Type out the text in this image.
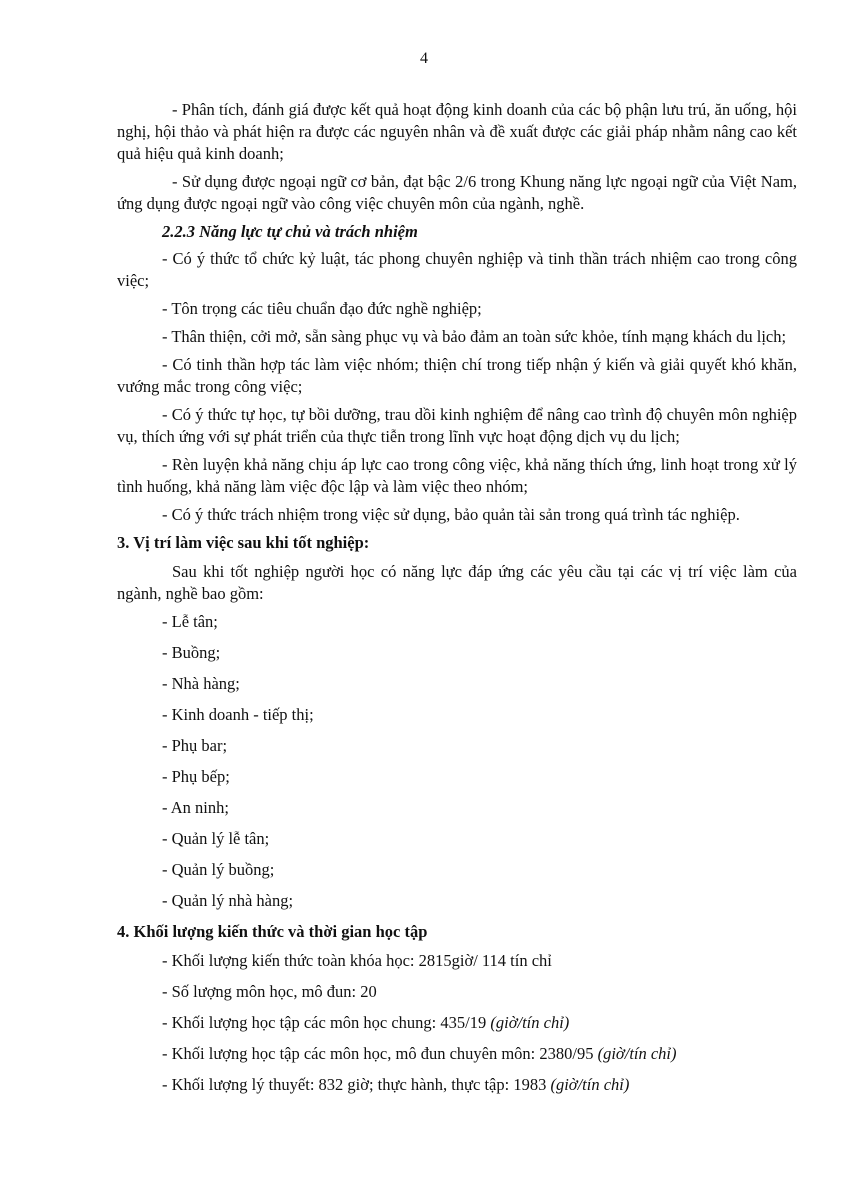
4

- Phân tích, đánh giá được kết quả hoạt động kinh doanh của các bộ phận lưu trú, ăn uống, hội nghị, hội thảo và phát hiện ra được các nguyên nhân và đề xuất được các giải pháp nhằm nâng cao kết quả hiệu quả kinh doanh;

- Sử dụng được ngoại ngữ cơ bản, đạt bậc 2/6 trong Khung năng lực ngoại ngữ của Việt Nam, ứng dụng được ngoại ngữ vào công việc chuyên môn của ngành, nghề.

2.2.3 Năng lực tự chủ và trách nhiệm

- Có ý thức tổ chức kỷ luật, tác phong chuyên nghiệp và tinh thần trách nhiệm cao trong công việc;

- Tôn trọng các tiêu chuẩn đạo đức nghề nghiệp;

- Thân thiện, cởi mở, sẵn sàng phục vụ và bảo đảm an toàn sức khỏe, tính mạng khách du lịch;

- Có tinh thần hợp tác làm việc nhóm; thiện chí trong tiếp nhận ý kiến và giải quyết khó khăn, vướng mắc trong công việc;

- Có ý thức tự học, tự bồi dưỡng, trau dồi kinh nghiệm để nâng cao trình độ chuyên môn nghiệp vụ, thích ứng với sự phát triển của thực tiễn trong lĩnh vực hoạt động dịch vụ du lịch;

- Rèn luyện khả năng chịu áp lực cao trong công việc, khả năng thích ứng, linh hoạt trong xử lý tình huống, khả năng làm việc độc lập và làm việc theo nhóm;

- Có ý thức trách nhiệm trong việc sử dụng, bảo quản tài sản trong quá trình tác nghiệp.

3. Vị trí làm việc sau khi tốt nghiệp:

Sau khi tốt nghiệp người học có năng lực đáp ứng các yêu cầu tại các vị trí việc làm của ngành, nghề bao gồm:

- Lễ tân;
- Buồng;
- Nhà hàng;
- Kinh doanh - tiếp thị;
- Phụ bar;
- Phụ bếp;
- An ninh;
- Quản lý lễ tân;
- Quản lý buồng;
- Quản lý nhà hàng;

4. Khối lượng kiến thức và thời gian học tập

- Khối lượng kiến thức toàn khóa học: 2815giờ/ 114 tín chỉ
- Số lượng môn học, mô đun: 20
- Khối lượng học tập các môn học chung: 435/19 (giờ/tín chỉ)
- Khối lượng học tập các môn học, mô đun chuyên môn: 2380/95 (giờ/tín chỉ)
- Khối lượng lý thuyết: 832 giờ; thực hành, thực tập: 1983 (giờ/tín chỉ)
